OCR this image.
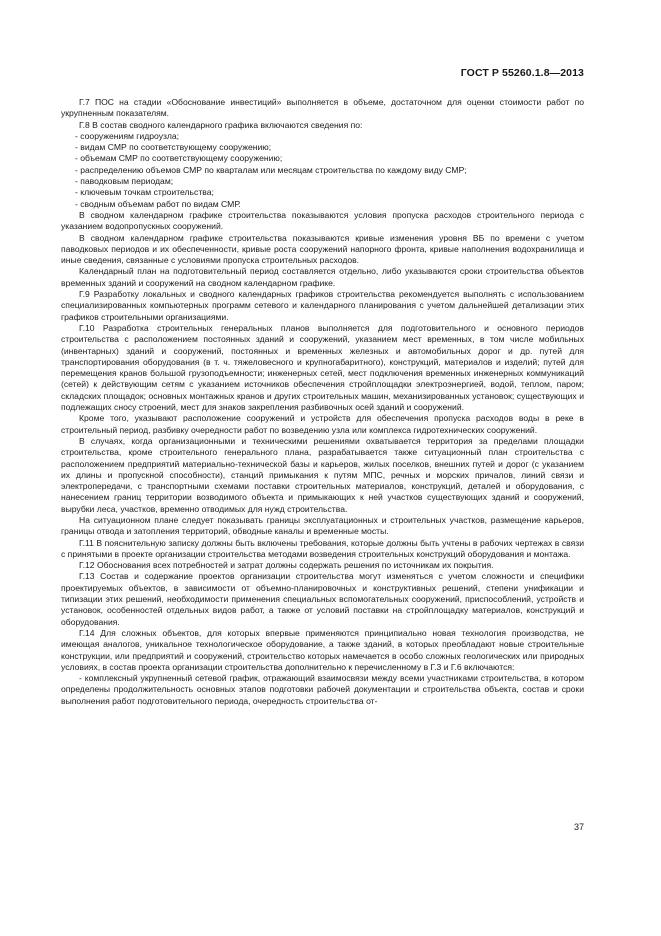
ГОСТ Р 55260.1.8—2013

Г.7 ПОС на стадии «Обоснование инвестиций» выполняется в объеме, достаточном для оценки стоимости работ по укрупненным показателям.

Г.8 В состав сводного календарного графика включаются сведения по:

- сооружениям гидроузла;
- видам СМР по соответствующему сооружению;
- объемам СМР по соответствующему сооружению;
- распределению объемов СМР по кварталам или месяцам строительства по каждому виду СМР;
- паводковым периодам;
- ключевым точкам строительства;
- сводным объемам работ по видам СМР.

В сводном календарном графике строительства показываются условия пропуска расходов строительного периода с указанием водопропускных сооружений.

В сводном календарном графике строительства показываются кривые изменения уровня ВБ по времени с учетом паводковых периодов и их обеспеченности, кривые роста сооружений напорного фронта, кривые наполнения водохранилища и иные сведения, связанные с условиями пропуска строительных расходов.

Календарный план на подготовительный период составляется отдельно, либо указываются сроки строительства объектов временных зданий и сооружений на сводном календарном графике.

Г.9 Разработку локальных и сводного календарных графиков строительства рекомендуется выполнять с использованием специализированных компьютерных программ сетевого и календарного планирования с учетом дальнейшей детализации этих графиков строительными организациями.

Г.10 Разработка строительных генеральных планов выполняется для подготовительного и основного периодов строительства с расположением постоянных зданий и сооружений, указанием мест временных, в том числе мобильных (инвентарных) зданий и сооружений, постоянных и временных железных и автомобильных дорог и др. путей для транспортирования оборудования (в т. ч. тяжеловесного и крупногабаритного), конструкций, материалов и изделий; путей для перемещения кранов большой грузоподъемности; инженерных сетей, мест подключения временных инженерных коммуникаций (сетей) к действующим сетям с указанием источников обеспечения стройплощадки электроэнергией, водой, теплом, паром; складских площадок; основных монтажных кранов и других строительных машин, механизированных установок; существующих и подлежащих сносу строений, мест для знаков закрепления разбивочных осей зданий и сооружений.

Кроме того, указывают расположение сооружений и устройств для обеспечения пропуска расходов воды в реке в строительный период, разбивку очередности работ по возведению узла или комплекса гидротехнических сооружений.

В случаях, когда организационными и техническими решениями охватывается территория за пределами площадки строительства, кроме строительного генерального плана, разрабатывается также ситуационный план строительства с расположением предприятий материально-технической базы и карьеров, жилых поселков, внешних путей и дорог (с указанием их длины и пропускной способности), станций примыкания к путям МПС, речных и морских причалов, линий связи и электропередачи, с транспортными схемами поставки строительных материалов, конструкций, деталей и оборудования, с нанесением границ территории возводимого объекта и примыкающих к ней участков существующих зданий и сооружений, вырубки леса, участков, временно отводимых для нужд строительства.

На ситуационном плане следует показывать границы эксплуатационных и строительных участков, размещение карьеров, границы отвода и затопления территорий, обводные каналы и временные мосты.

Г.11 В пояснительную записку должны быть включены требования, которые должны быть учтены в рабочих чертежах в связи с принятыми в проекте организации строительства методами возведения строительных конструкций оборудования и монтажа.

Г.12 Обоснования всех потребностей и затрат должны содержать решения по источникам их покрытия.

Г.13 Состав и содержание проектов организации строительства могут изменяться с учетом сложности и специфики проектируемых объектов, в зависимости от объемно-планировочных и конструктивных решений, степени унификации и типизации этих решений, необходимости применения специальных вспомогательных сооружений, приспособлений, устройств и установок, особенностей отдельных видов работ, а также от условий поставки на стройплощадку материалов, конструкций и оборудования.

Г.14 Для сложных объектов, для которых впервые применяются принципиально новая технология производства, не имеющая аналогов, уникальное технологическое оборудование, а также зданий, в которых преобладают новые строительные конструкции, или предприятий и сооружений, строительство которых намечается в особо сложных геологических или природных условиях, в состав проекта организации строительства дополнительно к перечисленному в Г.3 и Г.6 включаются:

- комплексный укрупненный сетевой график, отражающий взаимосвязи между всеми участниками строительства, в котором определены продолжительность основных этапов подготовки рабочей документации и строительства объекта, состав и сроки выполнения работ подготовительного периода, очередность строительства от-

37
